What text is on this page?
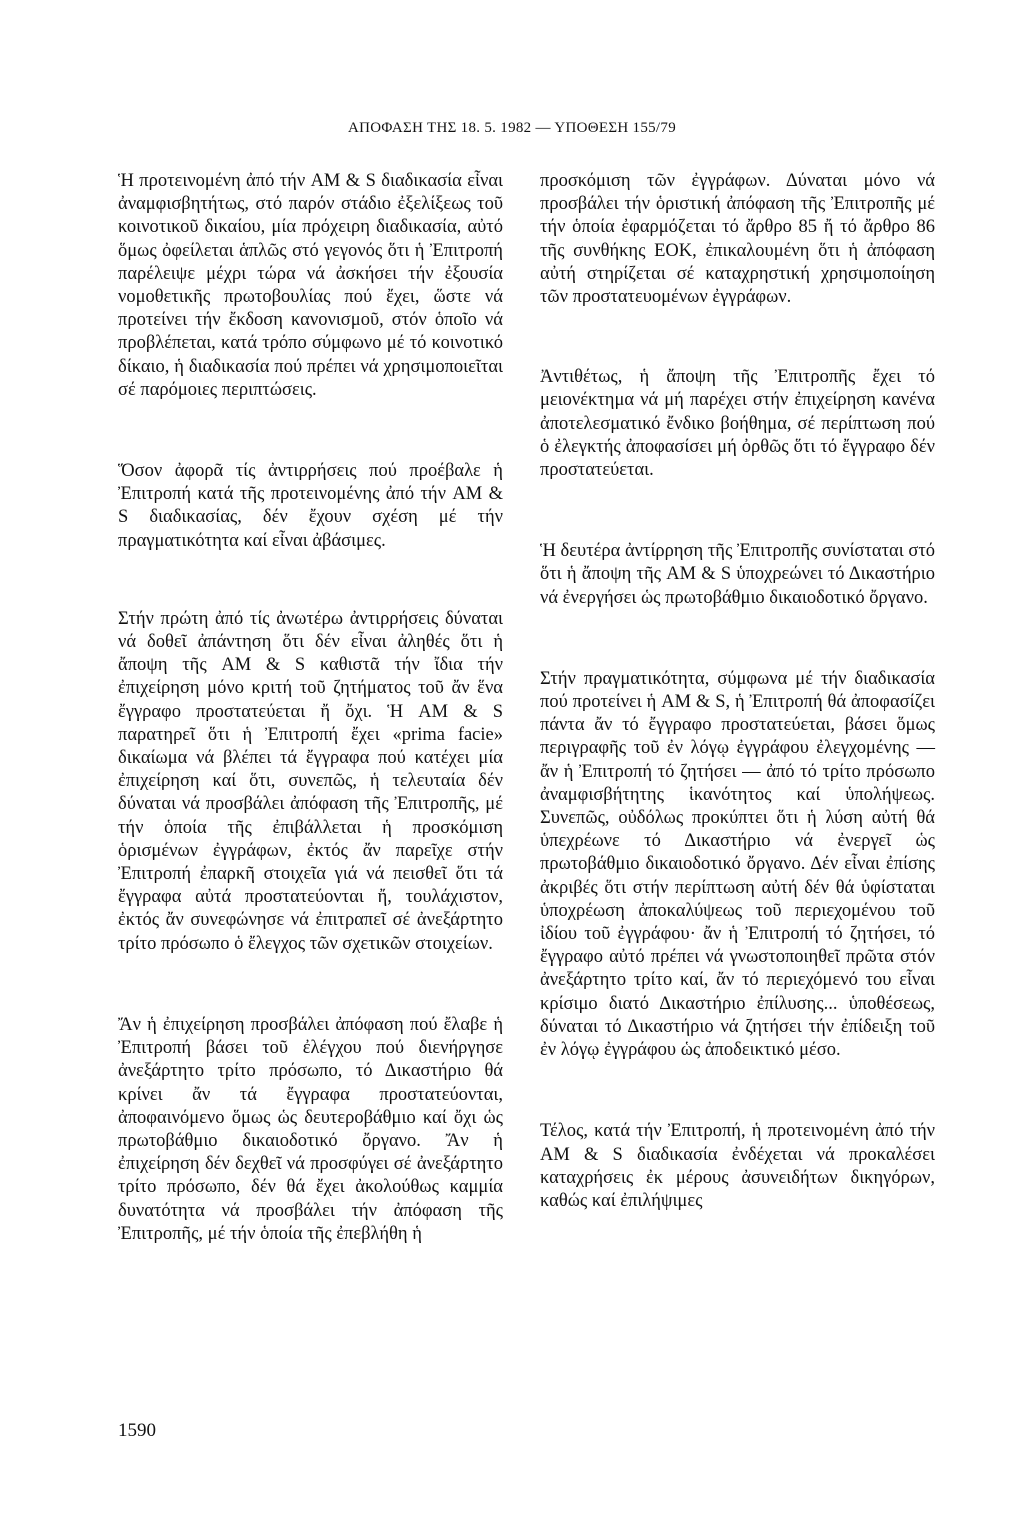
ΑΠΟΦΑΣΗ ΤΗΣ 18. 5. 1982 — ΥΠΟΘΕΣΗ 155/79

Ἡ προτεινομένη ἀπό τήν AM & S διαδικασία εἶναι ἀναμφισβητήτως, στό παρόν στάδιο ἐξελίξεως τοῦ κοινοτικοῦ δικαίου, μία πρόχειρη διαδικασία, αὐτό ὅμως ὀφείλεται ἁπλῶς στό γεγονός ὅτι ἡ Ἐπιτροπή παρέλειψε μέχρι τώρα νά ἀσκήσει τήν ἐξουσία νομοθετικῆς πρωτοβουλίας πού ἔχει, ὥστε νά προτείνει τήν ἔκδοση κανονισμοῦ, στόν ὁποῖο νά προβλέπεται, κατά τρόπο σύμφωνο μέ τό κοινοτικό δίκαιο, ἡ διαδικασία πού πρέπει νά χρησιμοποιεῖται σέ παρόμοιες περιπτώσεις.

Ὅσον ἀφορᾶ τίς ἀντιρρήσεις πού προέβαλε ἡ Ἐπιτροπή κατά τῆς προτεινομένης ἀπό τήν AM & S διαδικασίας, δέν ἔχουν σχέση μέ τήν πραγματικότητα καί εἶναι ἀβάσιμες.

Στήν πρώτη ἀπό τίς ἀνωτέρω ἀντιρρήσεις δύναται νά δοθεῖ ἀπάντηση ὅτι δέν εἶναι ἀληθές ὅτι ἡ ἄποψη τῆς AM & S καθιστᾶ τήν ἴδια τήν ἐπιχείρηση μόνο κριτή τοῦ ζητήματος τοῦ ἄν ἕνα ἔγγραφο προστατεύεται ἤ ὄχι. Ἡ AM & S παρατηρεῖ ὅτι ἡ Ἐπιτροπή ἔχει «prima facie» δικαίωμα νά βλέπει τά ἔγγραφα πού κατέχει μία ἐπιχείρηση καί ὅτι, συνεπῶς, ἡ τελευταία δέν δύναται νά προσβάλει ἀπόφαση τῆς Ἐπιτροπῆς, μέ τήν ὁποία τῆς ἐπιβάλλεται ἡ προσκόμιση ὁρισμένων ἐγγράφων, ἐκτός ἄν παρεῖχε στήν Ἐπιτροπή ἐπαρκῆ στοιχεῖα γιά νά πεισθεῖ ὅτι τά ἔγγραφα αὐτά προστατεύονται ἤ, τουλάχιστον, ἐκτός ἄν συνεφώνησε νά ἐπιτραπεῖ σέ ἀνεξάρτητο τρίτο πρόσωπο ὁ ἔλεγχος τῶν σχετικῶν στοιχείων.

Ἄν ἡ ἐπιχείρηση προσβάλει ἀπόφαση πού ἔλαβε ἡ Ἐπιτροπή βάσει τοῦ ἐλέγχου πού διενήργησε ἀνεξάρτητο τρίτο πρόσωπο, τό Δικαστήριο θά κρίνει ἄν τά ἔγγραφα προστατεύονται, ἀποφαινόμενο ὅμως ὡς δευτεροβάθμιο καί ὄχι ὡς πρωτοβάθμιο δικαιοδοτικό ὄργανο. Ἄν ἡ ἐπιχείρηση δέν δεχθεῖ νά προσφύγει σέ ἀνεξάρτητο τρίτο πρόσωπο, δέν θά ἔχει ἀκολούθως καμμία δυνατότητα νά προσβάλει τήν ἀπόφαση τῆς Ἐπιτροπῆς, μέ τήν ὁποία τῆς ἐπεβλήθη ἡ

προσκόμιση τῶν ἐγγράφων. Δύναται μόνο νά προσβάλει τήν ὁριστική ἀπόφαση τῆς Ἐπιτροπῆς μέ τήν ὁποία ἐφαρμόζεται τό ἄρθρο 85 ἤ τό ἄρθρο 86 τῆς συνθήκης ΕΟΚ, ἐπικαλουμένη ὅτι ἡ ἀπόφαση αὐτή στηρίζεται σέ καταχρηστική χρησιμοποίηση τῶν προστατευομένων ἐγγράφων.

Ἀντιθέτως, ἡ ἄποψη τῆς Ἐπιτροπῆς ἔχει τό μειονέκτημα νά μή παρέχει στήν ἐπιχείρηση κανένα ἀποτελεσματικό ἔνδικο βοήθημα, σέ περίπτωση πού ὁ ἐλεγκτής ἀποφασίσει μή ὀρθῶς ὅτι τό ἔγγραφο δέν προστατεύεται.

Ἡ δευτέρα ἀντίρρηση τῆς Ἐπιτροπῆς συνίσταται στό ὅτι ἡ ἄποψη τῆς AM & S ὑποχρεώνει τό Δικαστήριο νά ἐνεργήσει ὡς πρωτοβάθμιο δικαιοδοτικό ὄργανο.

Στήν πραγματικότητα, σύμφωνα μέ τήν διαδικασία πού προτείνει ἡ AM & S, ἡ Ἐπιτροπή θά ἀποφασίζει πάντα ἄν τό ἔγγραφο προστατεύεται, βάσει ὅμως περιγραφῆς τοῦ ἐν λόγῳ ἐγγράφου ἐλεγχομένης — ἄν ἡ Ἐπιτροπή τό ζητήσει — ἀπό τό τρίτο πρόσωπο ἀναμφισβήτητης ἱκανότητος καί ὑπολήψεως. Συνεπῶς, οὐδόλως προκύπτει ὅτι ἡ λύση αὐτή θά ὑπεχρέωνε τό Δικαστήριο νά ἐνεργεῖ ὡς πρωτοβάθμιο δικαιοδοτικό ὄργανο. Δέν εἶναι ἐπίσης ἀκριβές ὅτι στήν περίπτωση αὐτή δέν θά ὑφίσταται ὑποχρέωση ἀποκαλύψεως τοῦ περιεχομένου τοῦ ἰδίου τοῦ ἐγγράφου· ἄν ἡ Ἐπιτροπή τό ζητήσει, τό ἔγγραφο αὐτό πρέπει νά γνωστοποιηθεῖ πρῶτα στόν ἀνεξάρτητο τρίτο καί, ἄν τό περιεχόμενό του εἶναι κρίσιμο διατό Δικαστήριο ἐπίλυσης... ὑποθέσεως, δύναται τό Δικαστήριο νά ζητήσει τήν ἐπίδειξη τοῦ ἐν λόγῳ ἐγγράφου ὡς ἀποδεικτικό μέσο.

Τέλος, κατά τήν Ἐπιτροπή, ἡ προτεινομένη ἀπό τήν AM & S διαδικασία ἐνδέχεται νά προκαλέσει καταχρήσεις ἐκ μέρους ἀσυνειδήτων δικηγόρων, καθώς καί ἐπιλήψιμες

1590
